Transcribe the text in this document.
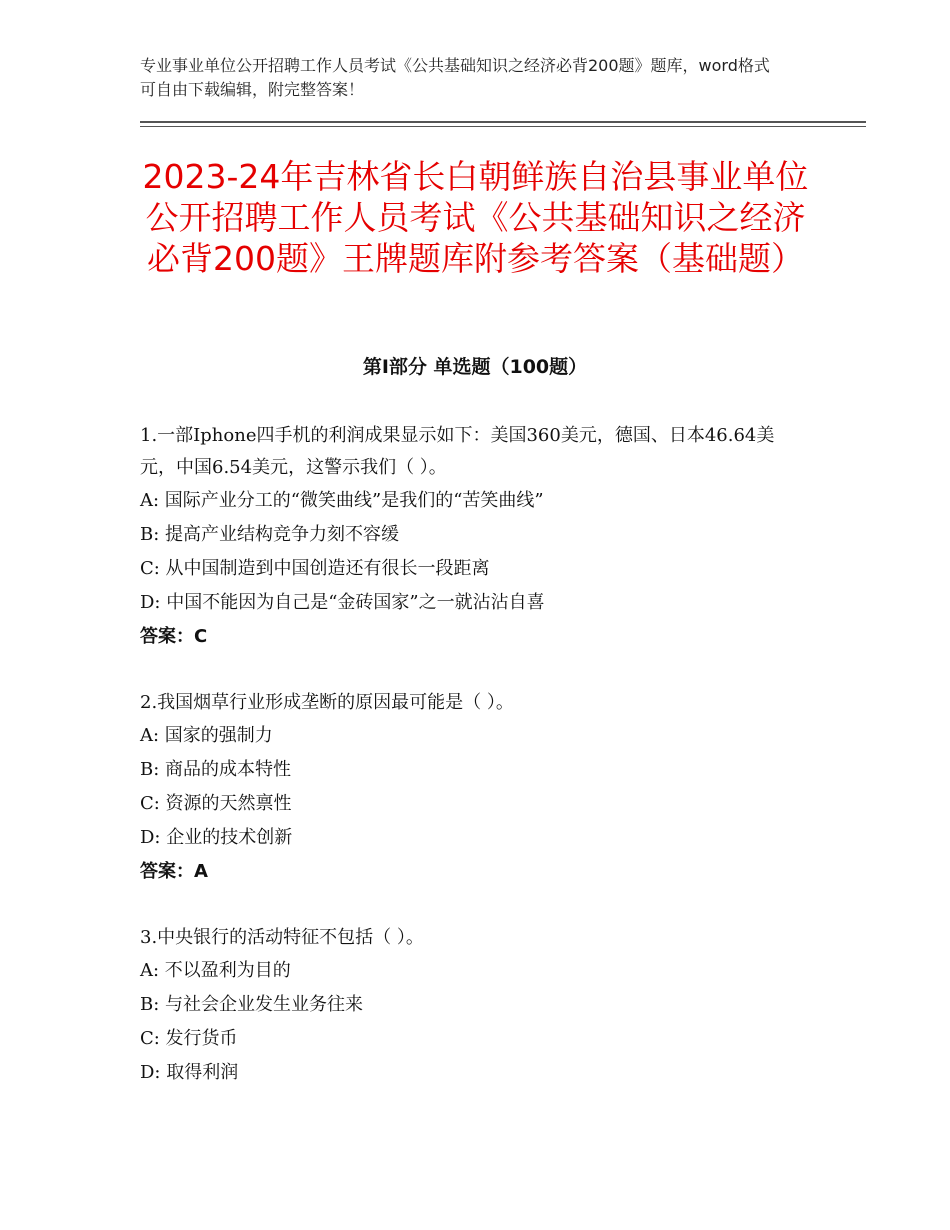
专业事业单位公开招聘工作人员考试《公共基础知识之经济必背200题》题库，word格式可自由下载编辑，附完整答案！
2023-24年吉林省长白朝鲜族自治县事业单位公开招聘工作人员考试《公共基础知识之经济必背200题》王牌题库附参考答案（基础题）
第Ⅰ部分 单选题（100题）
1.一部Iphone四手机的利润成果显示如下：美国360美元，德国、日本46.64美元，中国6.54美元，这警示我们（ ）。
A: 国际产业分工的“微笑曲线”是我们的“苦笑曲线”
B: 提高产业结构竞争力刻不容缓
C: 从中国制造到中国创造还有很长一段距离
D: 中国不能因为自己是“金砖国家”之一就沾沾自喜
答案：C
2.我国烟草行业形成垄断的原因最可能是（ ）。
A: 国家的强制力
B: 商品的成本特性
C: 资源的天然禀性
D: 企业的技术创新
答案：A
3.中央银行的活动特征不包括（ ）。
A: 不以盈利为目的
B: 与社会企业发生业务往来
C: 发行货币
D: 取得利润
